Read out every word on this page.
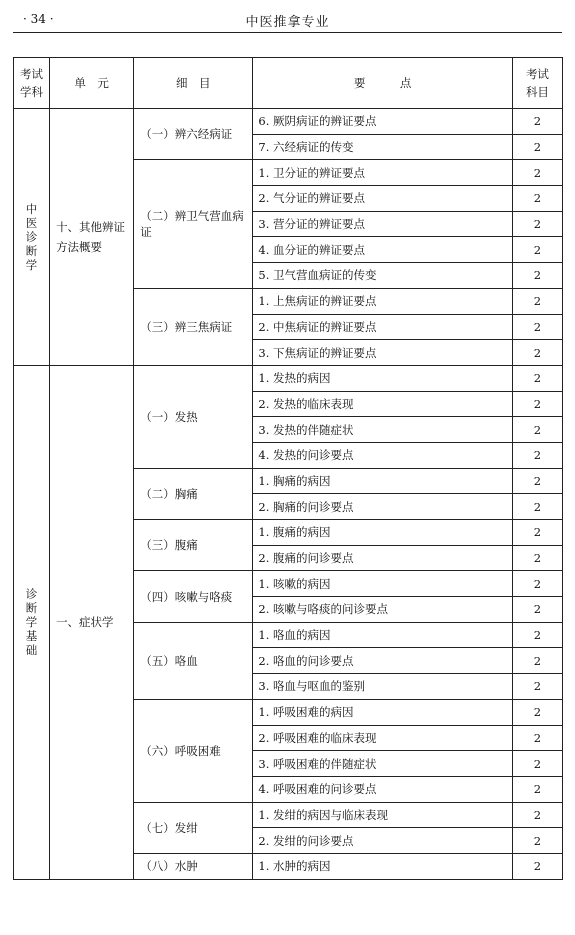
· 34 ·	中医推拿专业
考试学科	单　元	细　目	要　　　点	考试科目

中医诊断学	十、其他辨证方法概要	（一）辨六经病证	6. 厥阴病证的辨证要点	2
			7. 六经病证的传变	2
		（二）辨卫气营血病证	1. 卫分证的辨证要点	2
			2. 气分证的辨证要点	2
			3. 营分证的辨证要点	2
			4. 血分证的辨证要点	2
			5. 卫气营血病证的传变	2
		（三）辨三焦病证	1. 上焦病证的辨证要点	2
			2. 中焦病证的辨证要点	2
			3. 下焦病证的辨证要点	2

诊断学基础	一、症状学	（一）发热	1. 发热的病因	2
			2. 发热的临床表现	2
			3. 发热的伴随症状	2
			4. 发热的问诊要点	2
		（二）胸痛	1. 胸痛的病因	2
			2. 胸痛的问诊要点	2
		（三）腹痛	1. 腹痛的病因	2
			2. 腹痛的问诊要点	2
		（四）咳嗽与咯痰	1. 咳嗽的病因	2
			2. 咳嗽与咯痰的问诊要点	2
		（五）咯血	1. 咯血的病因	2
			2. 咯血的问诊要点	2
			3. 咯血与呕血的鉴别	2
		（六）呼吸困难	1. 呼吸困难的病因	2
			2. 呼吸困难的临床表现	2
			3. 呼吸困难的伴随症状	2
			4. 呼吸困难的问诊要点	2
		（七）发绀	1. 发绀的病因与临床表现	2
			2. 发绀的问诊要点	2
		（八）水肿	1. 水肿的病因	2
